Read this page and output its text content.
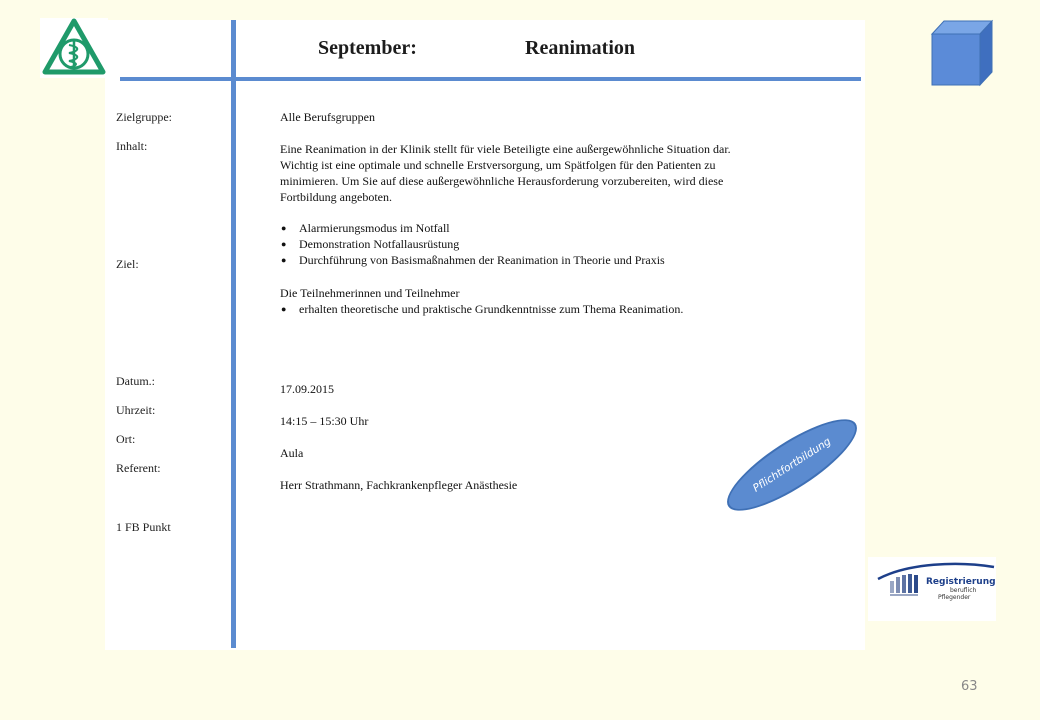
September:	Reanimation
Zielgruppe:
Inhalt:
Ziel:
Datum.:
Uhrzeit:
Ort:
Referent:
1 FB Punkt
Alle Berufsgruppen

Eine Reanimation in der Klinik stellt für viele Beteiligte eine außergewöhnliche Situation dar.

Wichtig ist eine optimale und schnelle Erstversorgung, um Spätfolgen für den Patienten zu

minimieren. Um Sie auf diese außergewöhnliche Herausforderung vorzubereiten, wird diese

Fortbildung angeboten.

● Alarmierungsmodus im Notfall
● Demonstration Notfallausrüstung
● Durchführung von Basismaßnahmen der Reanimation in Theorie und Praxis

Die Teilnehmerinnen und Teilnehmer

● erhalten theoretische und praktische Grundkenntnisse zum Thema Reanimation.
17.09.2015
14:15 – 15:30 Uhr
Aula
Herr Strathmann, Fachkrankenpfleger Anästhesie	Pflichtfortbildung
Registrierung
beruflich
Pflegender
63
